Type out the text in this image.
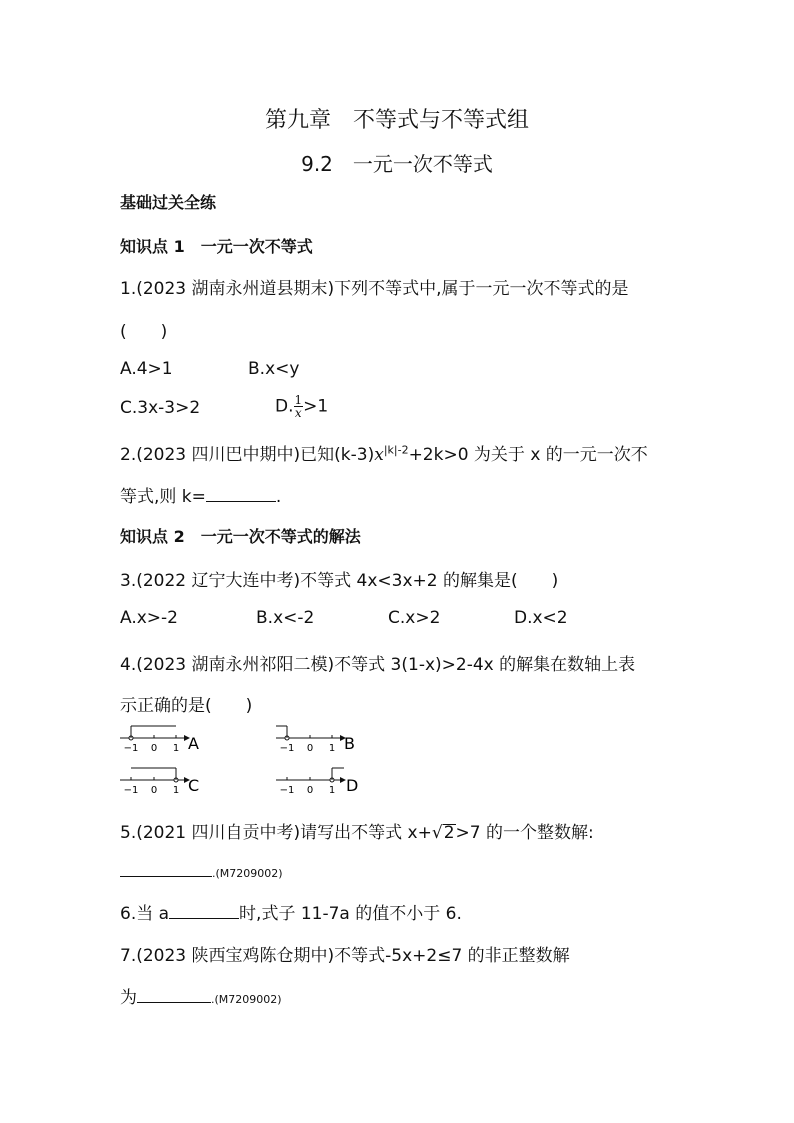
第九章　不等式与不等式组
9.2　一元一次不等式
基础过关全练
知识点 1　一元一次不等式
1.(2023 湖南永州道县期末)下列不等式中,属于一元一次不等式的是
(　　)
A.4>1	B.x<y
C.3x-3>2	D. $\frac{1}{x} >1$
2.(2023 四川巴中期中)已知$(k-3)x^{|k|-2}+2k>0$ 为关于 x 的一元一次不
等式,则 k=	.
知识点 2　一元一次不等式的解法
3.(2022 辽宁大连中考)不等式 4x<3x+2 的解集是(　　)
A.x>-2	B.x<-2	C.x>2	D.x<2
4.(2023 湖南永州祁阳二模)不等式 3(1-x)>2-4x 的解集在数轴上表
示正确的是(　　)
−1 0 1 A	−1 0 1 B
−1 0 1 C	−1 0 1 D
5.(2021 四川自贡中考)请写出不等式 x+√2>7 的一个整数解:
.(M7209002)
6.当 a	时,式子 11-7a 的值不小于 6.
7.(2023 陕西宝鸡陈仓期中)不等式-5x+2≤7 的非正整数解
为	.(M7209002)
